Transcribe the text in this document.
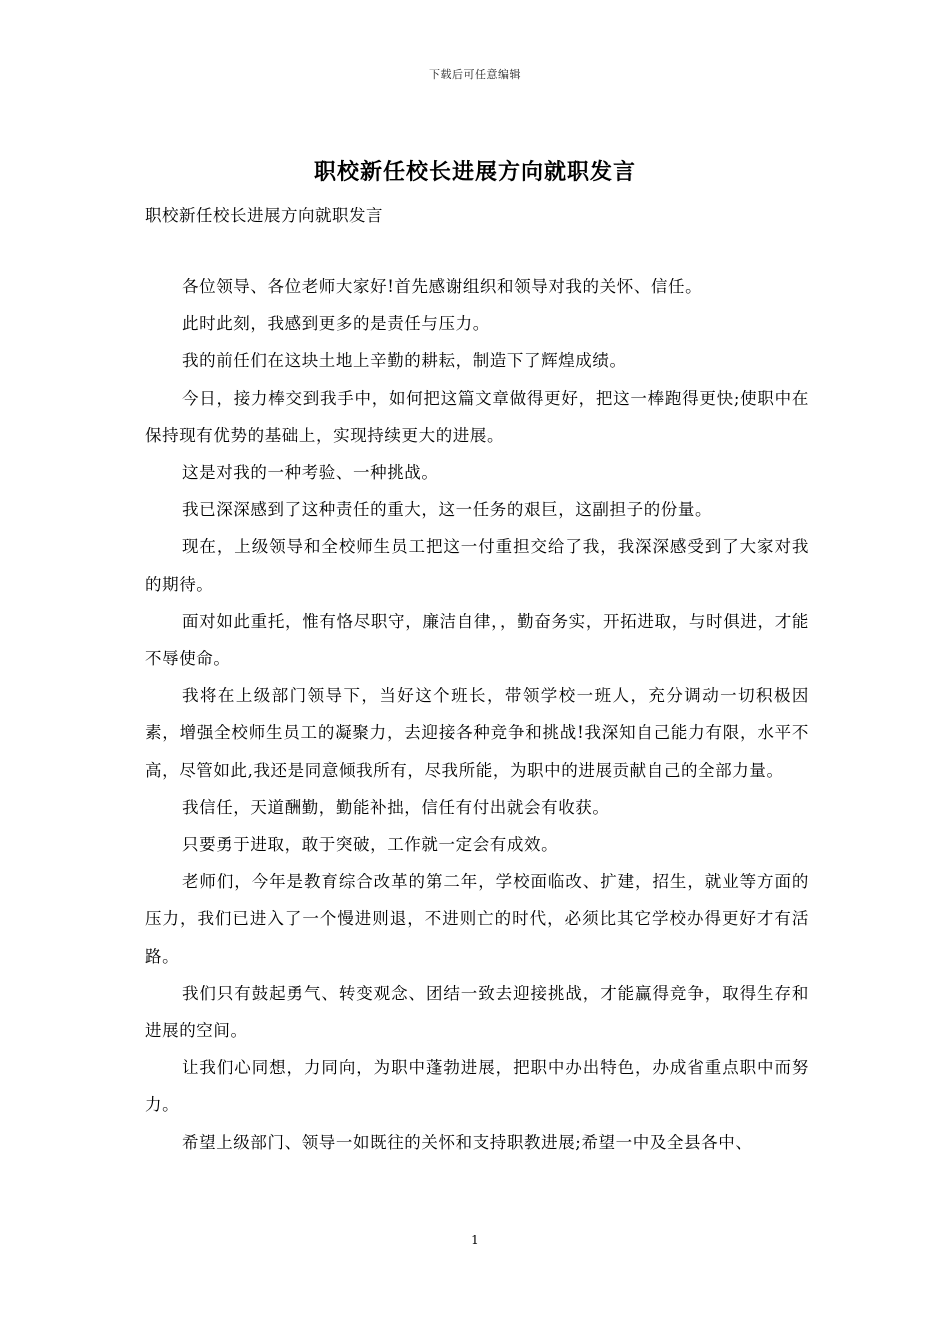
下载后可任意编辑
职校新任校长进展方向就职发言
职校新任校长进展方向就职发言

各位领导、各位老师大家好!首先感谢组织和领导对我的关怀、信任。

此时此刻，我感到更多的是责任与压力。

我的前任们在这块土地上辛勤的耕耘，制造下了辉煌成绩。

今日，接力棒交到我手中，如何把这篇文章做得更好，把这一棒跑得更快;使职中在保持现有优势的基础上，实现持续更大的进展。

这是对我的一种考验、一种挑战。

我已深深感到了这种责任的重大，这一任务的艰巨，这副担子的份量。

现在，上级领导和全校师生员工把这一付重担交给了我，我深深感受到了大家对我的期待。

面对如此重托，惟有恪尽职守，廉洁自律，，勤奋务实，开拓进取，与时俱进，才能不辱使命。

我将在上级部门领导下，当好这个班长，带领学校一班人，充分调动一切积极因素，增强全校师生员工的凝聚力，去迎接各种竞争和挑战!我深知自己能力有限，水平不高，尽管如此,我还是同意倾我所有，尽我所能，为职中的进展贡献自己的全部力量。

我信任，天道酬勤，勤能补拙，信任有付出就会有收获。

只要勇于进取，敢于突破，工作就一定会有成效。

老师们，今年是教育综合改革的第二年，学校面临改、扩建，招生，就业等方面的压力，我们已进入了一个慢进则退，不进则亡的时代，必须比其它学校办得更好才有活路。

我们只有鼓起勇气、转变观念、团结一致去迎接挑战，才能赢得竞争，取得生存和进展的空间。

让我们心同想，力同向，为职中蓬勃进展，把职中办出特色，办成省重点职中而努力。

希望上级部门、领导一如既往的关怀和支持职教进展;希望一中及全县各中、

1
